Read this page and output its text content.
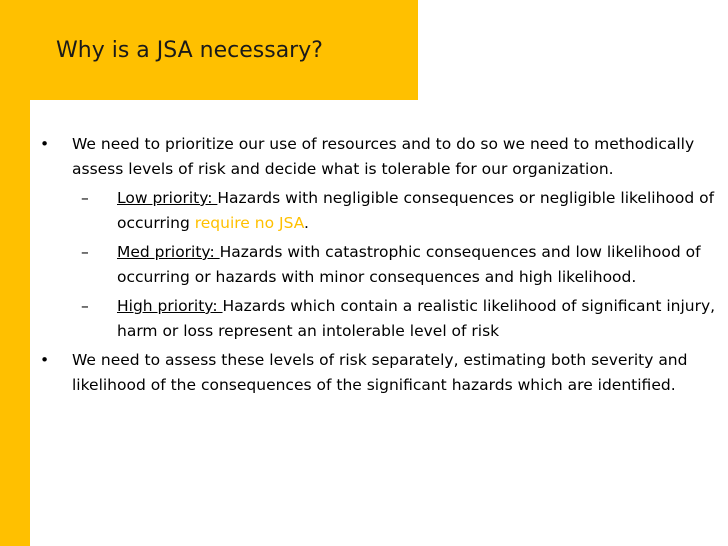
Why is a JSA necessary?

• We need to prioritize our use of resources and to do so we need to methodically assess levels of risk and decide what is tolerable for our organization.

– Low priority: Hazards with negligible consequences or negligible likelihood of occurring require no JSA.

– Med priority: Hazards with catastrophic consequences and low likelihood of occurring or hazards with minor consequences and high likelihood.

– High priority: Hazards which contain a realistic likelihood of significant injury, harm or loss represent an intolerable level of risk

• We need to assess these levels of risk separately, estimating both severity and likelihood of the consequences of the significant hazards which are identified.
